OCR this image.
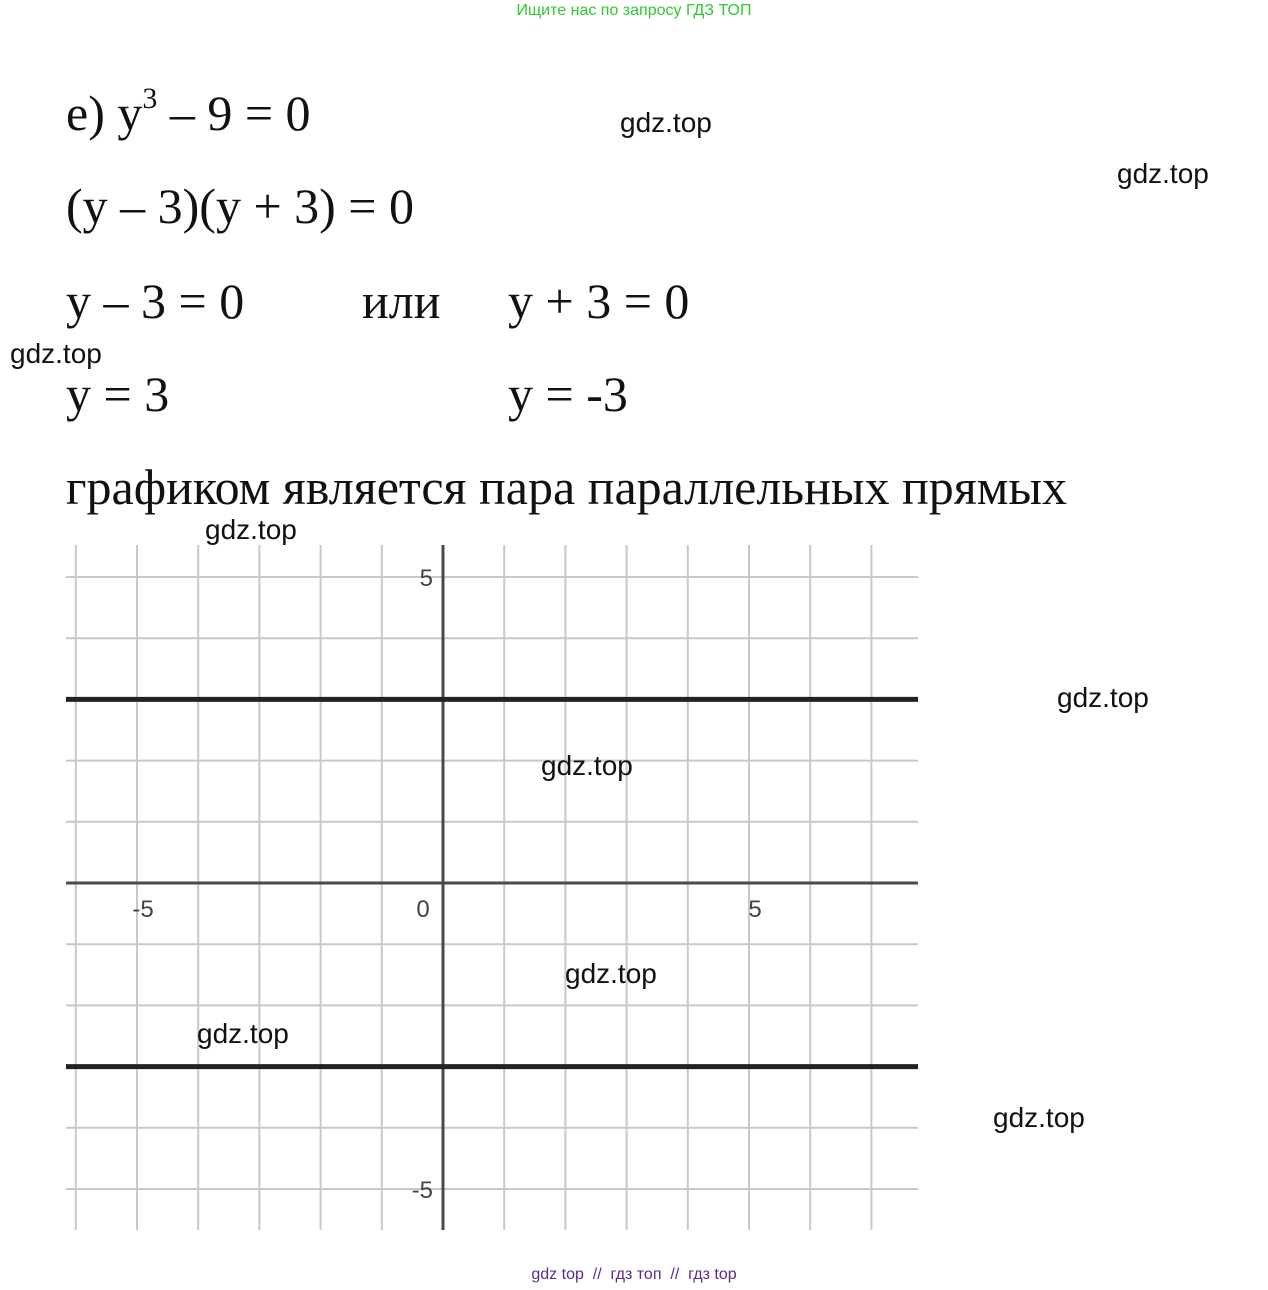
Ищите нас по запросу ГДЗ ТОП
e) $y^3 - 9 = 0$
(y – 3)(y + 3) = 0
y – 3 = 0 или y + 3 = 0
y = 3	y = -3
графиком является пара параллельных прямых
-5	0	5
5
-5
gdz.top
gdz.top
gdz.top
gdz.top
gdz.top
gdz.top
gdz.top
gdz.top
gdz.top
gdz top  //  гдз топ  //  гдз top
